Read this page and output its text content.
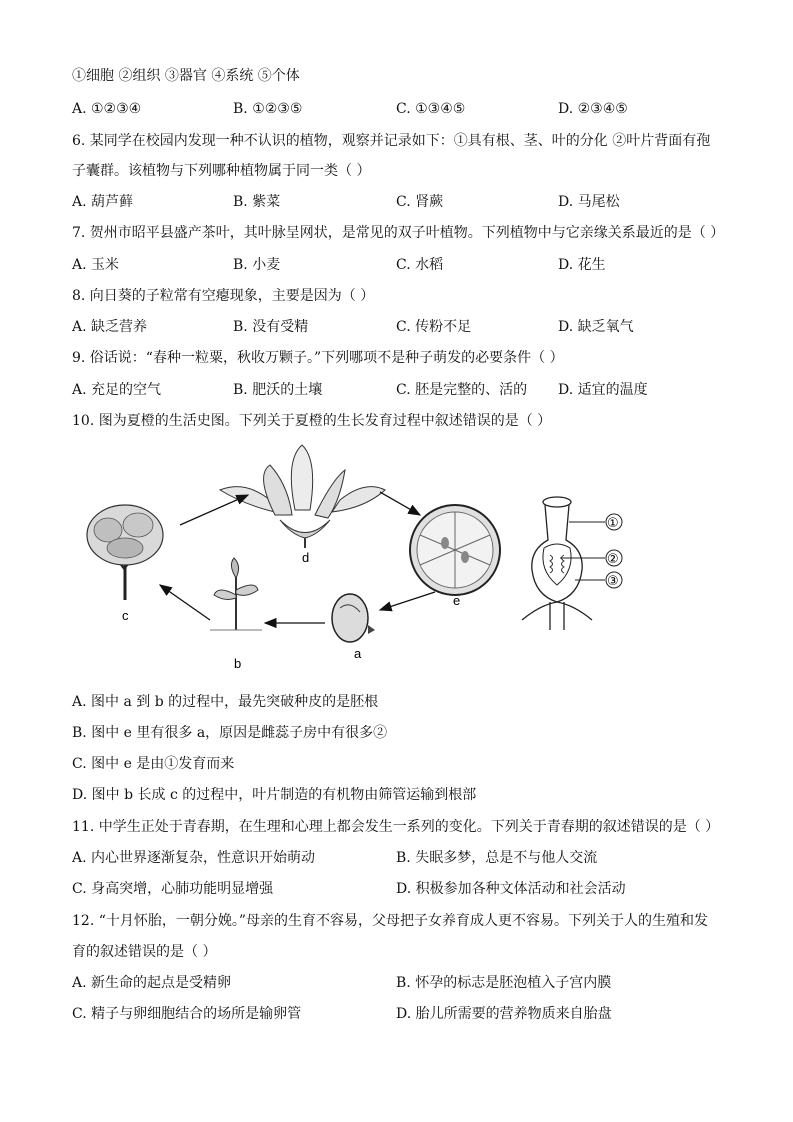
①细胞 ②组织 ③器官 ④系统 ⑤个体
A. ①②③④	B. ①②③⑤	C. ①③④⑤	D. ②③④⑤
6. 某同学在校园内发现一种不认识的植物，观察并记录如下：①具有根、茎、叶的分化 ②叶片背面有孢
子囊群。该植物与下列哪种植物属于同一类（ ）
A. 葫芦藓	B. 紫菜	C. 肾蕨	D. 马尾松
7. 贺州市昭平县盛产茶叶，其叶脉呈网状，是常见的双子叶植物。下列植物中与它亲缘关系最近的是（ ）
A. 玉米	B. 小麦	C. 水稻	D. 花生
8. 向日葵的子粒常有空瘪现象，主要是因为（ ）
A. 缺乏营养	B. 没有受精	C. 传粉不足	D. 缺乏氧气
9. 俗话说：“春种一粒粟，秋收万颗子。”下列哪项不是种子萌发的必要条件（ ）
A. 充足的空气	B. 肥沃的土壤	C. 胚是完整的、活的 D. 适宜的温度
10. 图为夏橙的生活史图。下列关于夏橙的生长发育过程中叙述错误的是（ ）
c
d
e
a
b
①
②
③
A. 图中 a 到 b 的过程中，最先突破种皮的是胚根
B. 图中 e 里有很多 a，原因是雌蕊子房中有很多②
C. 图中 e 是由①发育而来
D. 图中 b 长成 c 的过程中，叶片制造的有机物由筛管运输到根部
11. 中学生正处于青春期，在生理和心理上都会发生一系列的变化。下列关于青春期的叙述错误的是（ ）
A. 内心世界逐渐复杂，性意识开始萌动	B. 失眠多梦，总是不与他人交流
C. 身高突增，心肺功能明显增强	D. 积极参加各种文体活动和社会活动
12. “十月怀胎，一朝分娩。”母亲的生育不容易，父母把子女养育成人更不容易。下列关于人的生殖和发
育的叙述错误的是（ ）
A. 新生命的起点是受精卵	B. 怀孕的标志是胚泡植入子宫内膜
C. 精子与卵细胞结合的场所是输卵管	D. 胎儿所需要的营养物质来自胎盘
